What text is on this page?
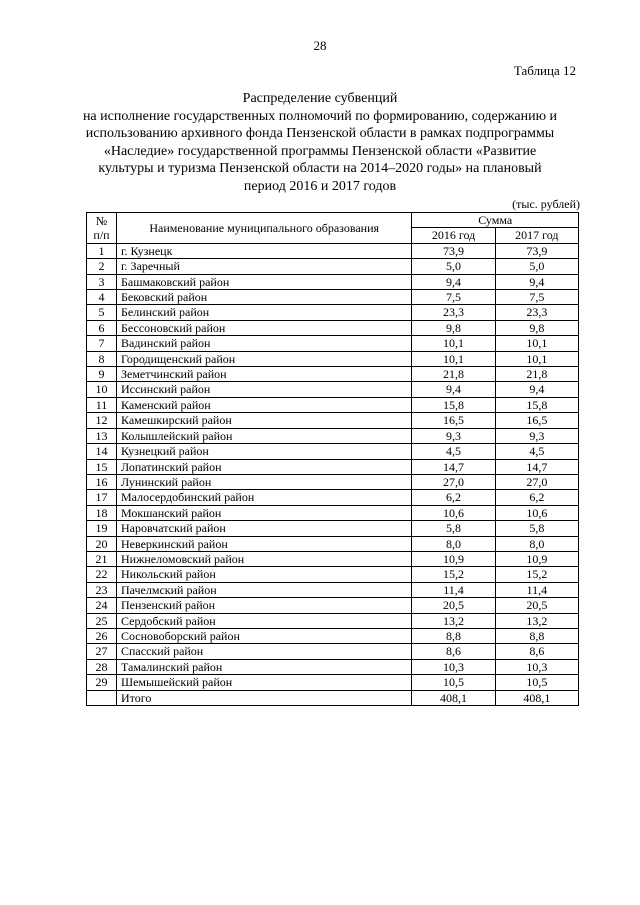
28
Таблица 12
Распределение субвенций
на исполнение государственных полномочий по формированию, содержанию и
использованию архивного фонда Пензенской области в рамках подпрограммы
«Наследие» государственной программы Пензенской области «Развитие
культуры и туризма Пензенской области на 2014–2020 годы» на плановый
период 2016 и 2017 годов
(тыс. рублей)
№
п/п	Наименование муниципального образования	Сумма	
		2016 год	2017 год
1	г. Кузнецк	73,9	73,9
2	г. Заречный	5,0	5,0
3	Башмаковский район	9,4	9,4
4	Бековский район	7,5	7,5
5	Белинский район	23,3	23,3
6	Бессоновский район	9,8	9,8
7	Вадинский район	10,1	10,1
8	Городищенский район	10,1	10,1
9	Земетчинский район	21,8	21,8
10	Иссинский район	9,4	9,4
11	Каменский район	15,8	15,8
12	Камешкирский район	16,5	16,5
13	Колышлейский район	9,3	9,3
14	Кузнецкий район	4,5	4,5
15	Лопатинский район	14,7	14,7
16	Лунинский район	27,0	27,0
17	Малосердобинский район	6,2	6,2
18	Мокшанский район	10,6	10,6
19	Наровчатский район	5,8	5,8
20	Неверкинский район	8,0	8,0
21	Нижнеломовский район	10,9	10,9
22	Никольский район	15,2	15,2
23	Пачелмский район	11,4	11,4
24	Пензенский район	20,5	20,5
25	Сердобский район	13,2	13,2
26	Сосновоборский район	8,8	8,8
27	Спасский район	8,6	8,6
28	Тамалинский район	10,3	10,3
29	Шемышейский район	10,5	10,5
	Итого	408,1	408,1
